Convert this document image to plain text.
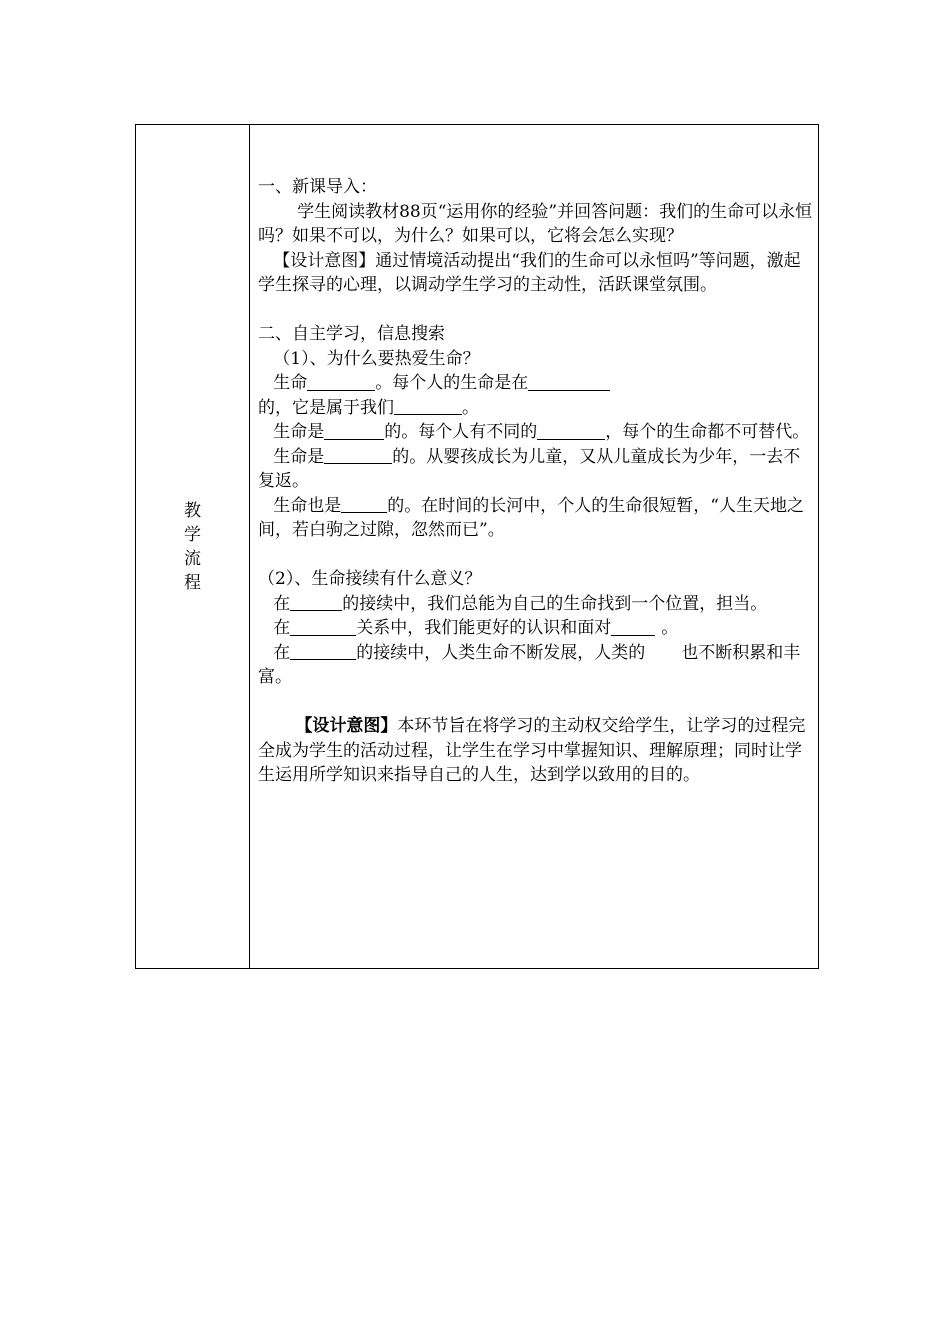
教
学
流
程

一、新课导入：

学生阅读教材88页“运用你的经验”并回答问题：我们的生命可以永恒吗？如果不可以，为什么？如果可以，它将会怎么实现？

【设计意图】通过情境活动提出“我们的生命可以永恒吗”等问题，激起学生探寻的心理，以调动学生学习的主动性，活跃课堂氛围。

二、自主学习，信息搜索

（1）、为什么要热爱生命？

生命	。每个人的生命是在

的，它是属于我们	。

生命是	的。每个人有不同的	，每个的生命都不可替代。

生命是	的。从婴孩成长为儿童，又从儿童成长为少年，一去不复返。

生命也是	的。在时间的长河中，个人的生命很短暂，“人生天地之间，若白驹之过隙，忽然而已”。

（2）、生命接续有什么意义？

在	的接续中，我们总能为自己的生命找到一个位置，担当。

在	关系中，我们能更好的认识和面对	。

在	的接续中，人类生命不断发展，人类的 也不断积累和丰富。

【设计意图】本环节旨在将学习的主动权交给学生，让学习的过程完全成为学生的活动过程，让学生在学习中掌握知识、理解原理；同时让学生运用所学知识来指导自己的人生，达到学以致用的目的。
